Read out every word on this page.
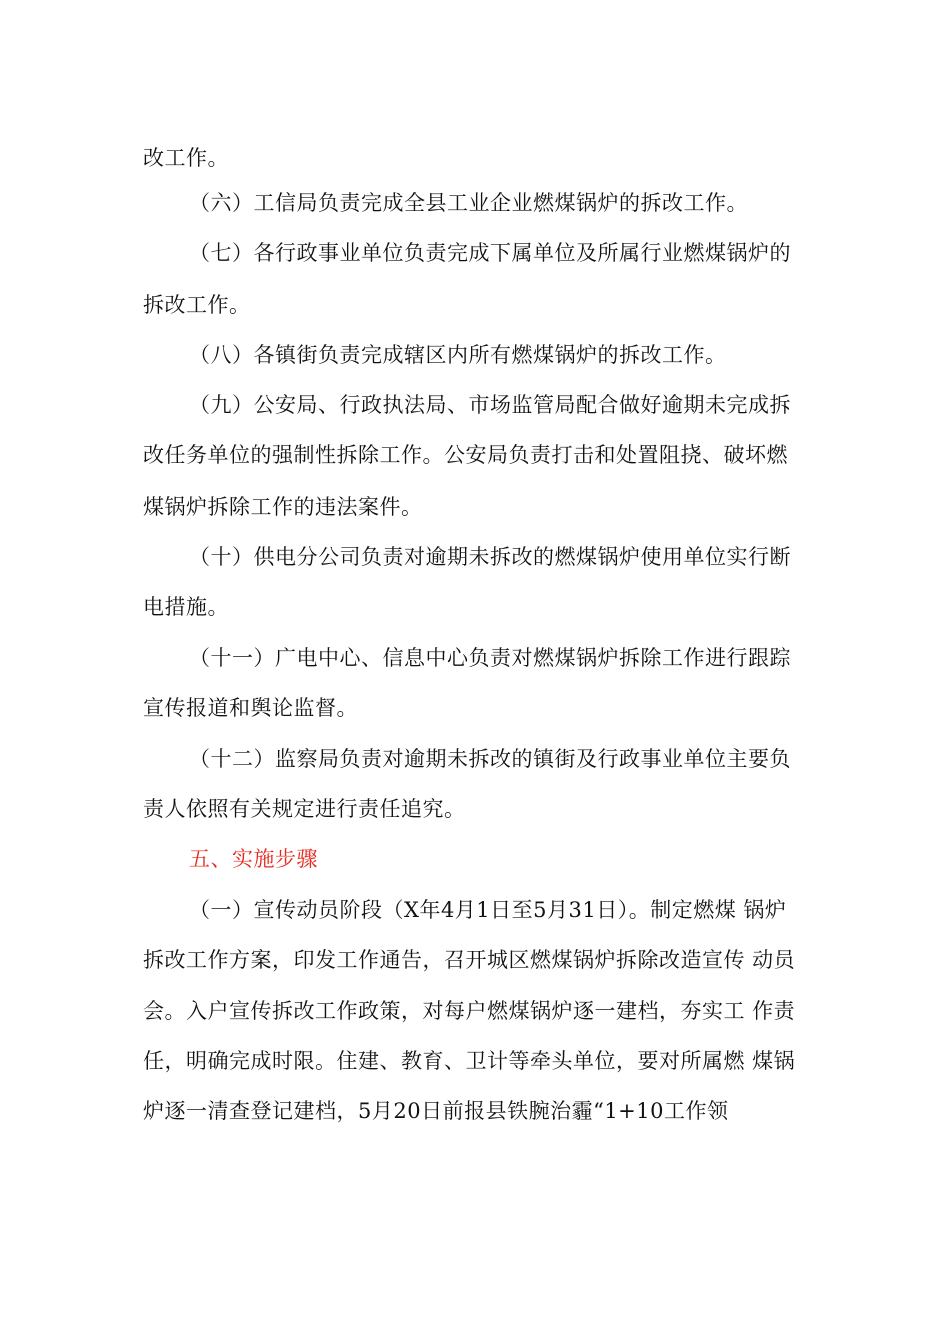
改工作。
（六）工信局负责完成全县工业企业燃煤锅炉的拆改工作。
（七）各行政事业单位负责完成下属单位及所属行业燃煤锅炉的
拆改工作。
（八）各镇街负责完成辖区内所有燃煤锅炉的拆改工作。
（九）公安局、行政执法局、市场监管局配合做好逾期未完成拆
改任务单位的强制性拆除工作。公安局负责打击和处置阻挠、破坏燃
煤锅炉拆除工作的违法案件。
（十）供电分公司负责对逾期未拆改的燃煤锅炉使用单位实行断
电措施。
（十一）广电中心、信息中心负责对燃煤锅炉拆除工作进行跟踪
宣传报道和舆论监督。
（十二）监察局负责对逾期未拆改的镇街及行政事业单位主要负
责人依照有关规定进行责任追究。
五、实施步骤
（一）宣传动员阶段（X年4月1日至5月31日）。制定燃煤 锅炉
拆改工作方案，印发工作通告，召开城区燃煤锅炉拆除改造宣传 动员
会。入户宣传拆改工作政策，对每户燃煤锅炉逐一建档，夯实工 作责
任，明确完成时限。住建、教育、卫计等牵头单位，要对所属燃 煤锅
炉逐一清查登记建档，5月20日前报县铁腕治霾“1+10工作领
